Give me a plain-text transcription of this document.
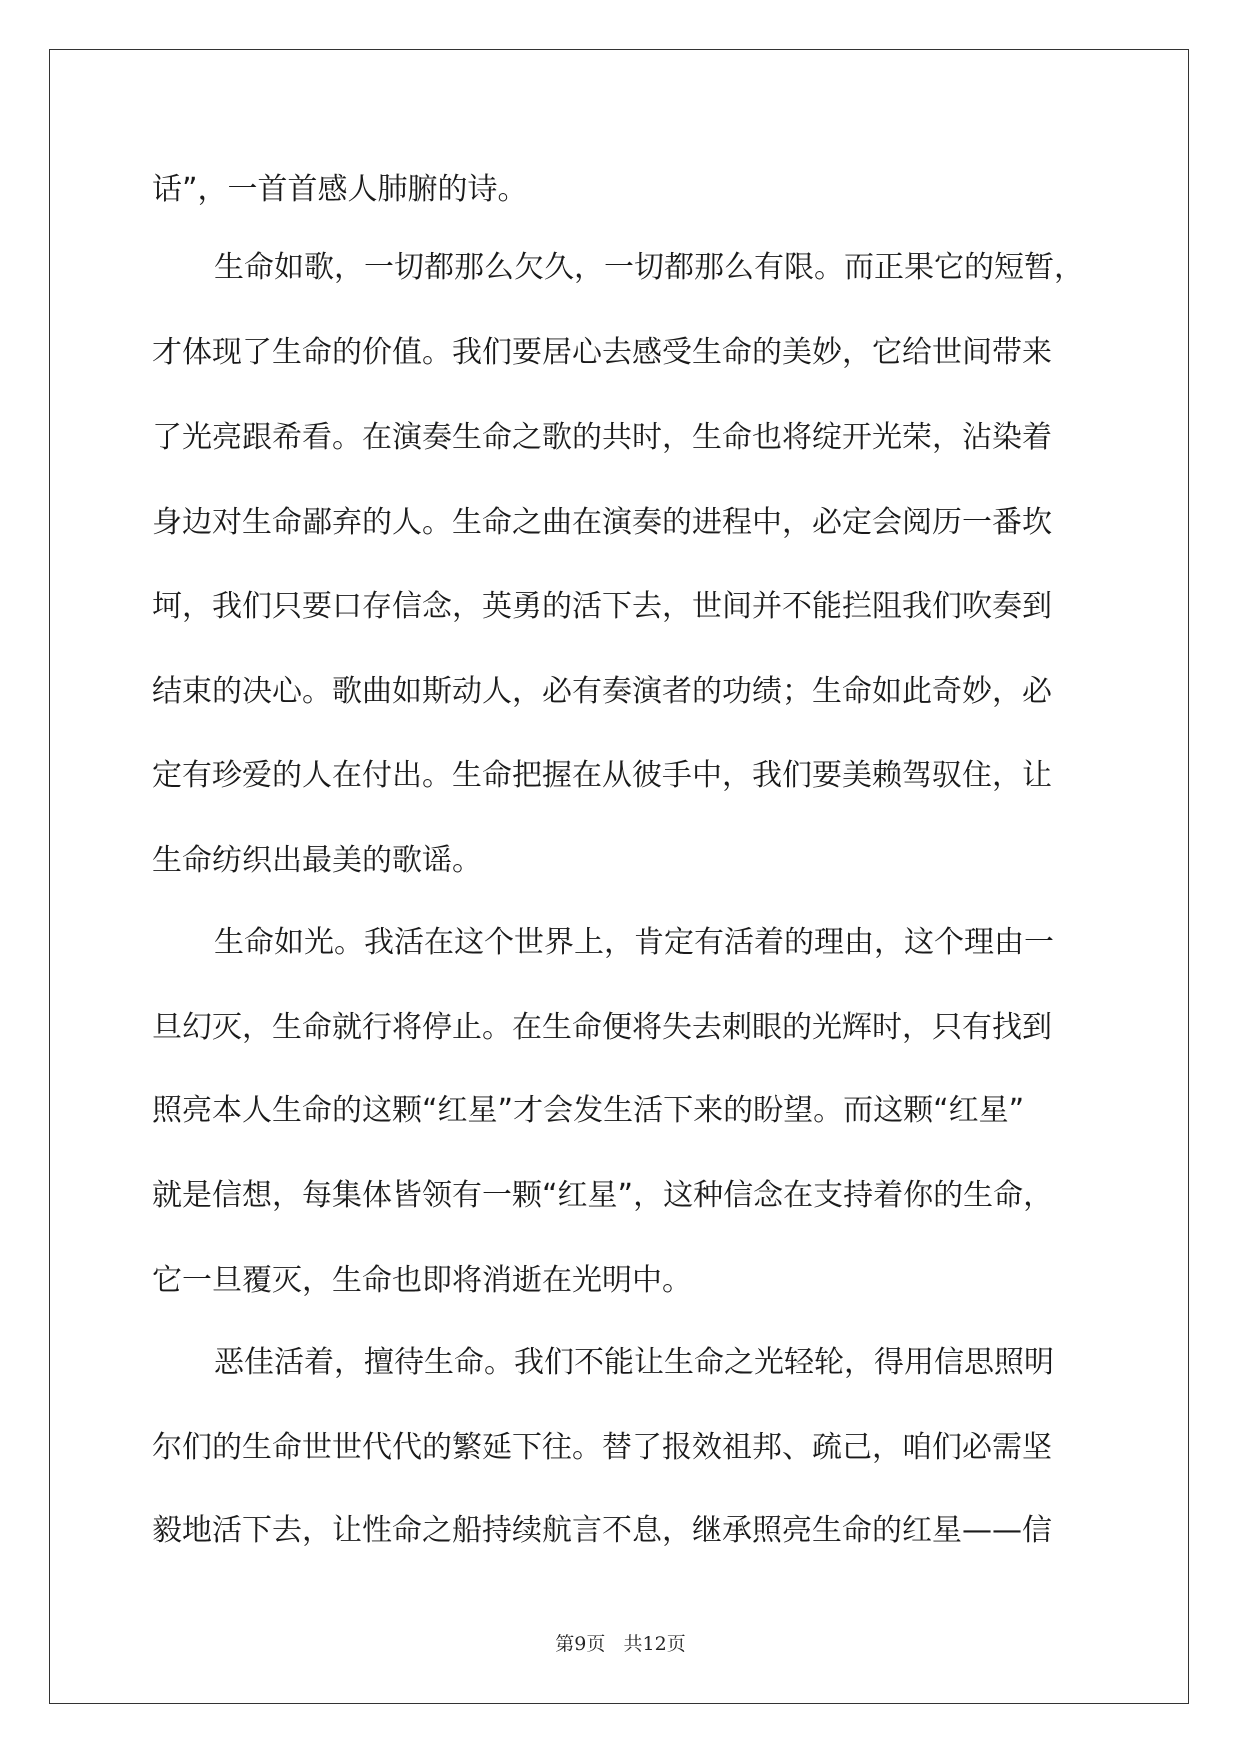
话”，一首首感人肺腑的诗。
生命如歌，一切都那么欠久，一切都那么有限。而正果它的短暂，
才体现了生命的价值。我们要居心去感受生命的美妙，它给世间带来
了光亮跟希看。在演奏生命之歌的共时，生命也将绽开光荣，沾染着
身边对生命鄙弃的人。生命之曲在演奏的进程中，必定会阅历一番坎
坷，我们只要口存信念，英勇的活下去，世间并不能拦阻我们吹奏到
结束的决心。歌曲如斯动人，必有奏演者的功绩；生命如此奇妙，必
定有珍爱的人在付出。生命把握在从彼手中，我们要美赖驾驭住，让
生命纺织出最美的歌谣。
生命如光。我活在这个世界上，肯定有活着的理由，这个理由一
旦幻灭，生命就行将停止。在生命便将失去刺眼的光辉时，只有找到
照亮本人生命的这颗“红星”才会发生活下来的盼望。而这颗“红星”
就是信想，每集体皆领有一颗“红星”，这种信念在支持着你的生命，
它一旦覆灭，生命也即将消逝在光明中。
恶佳活着，擅待生命。我们不能让生命之光轻轮，得用信思照明
尔们的生命世世代代的繁延下往。替了报效祖邦、疏己，咱们必需坚
毅地活下去，让性命之船持续航言不息，继承照亮生命的红星——信
第9页 共12页
